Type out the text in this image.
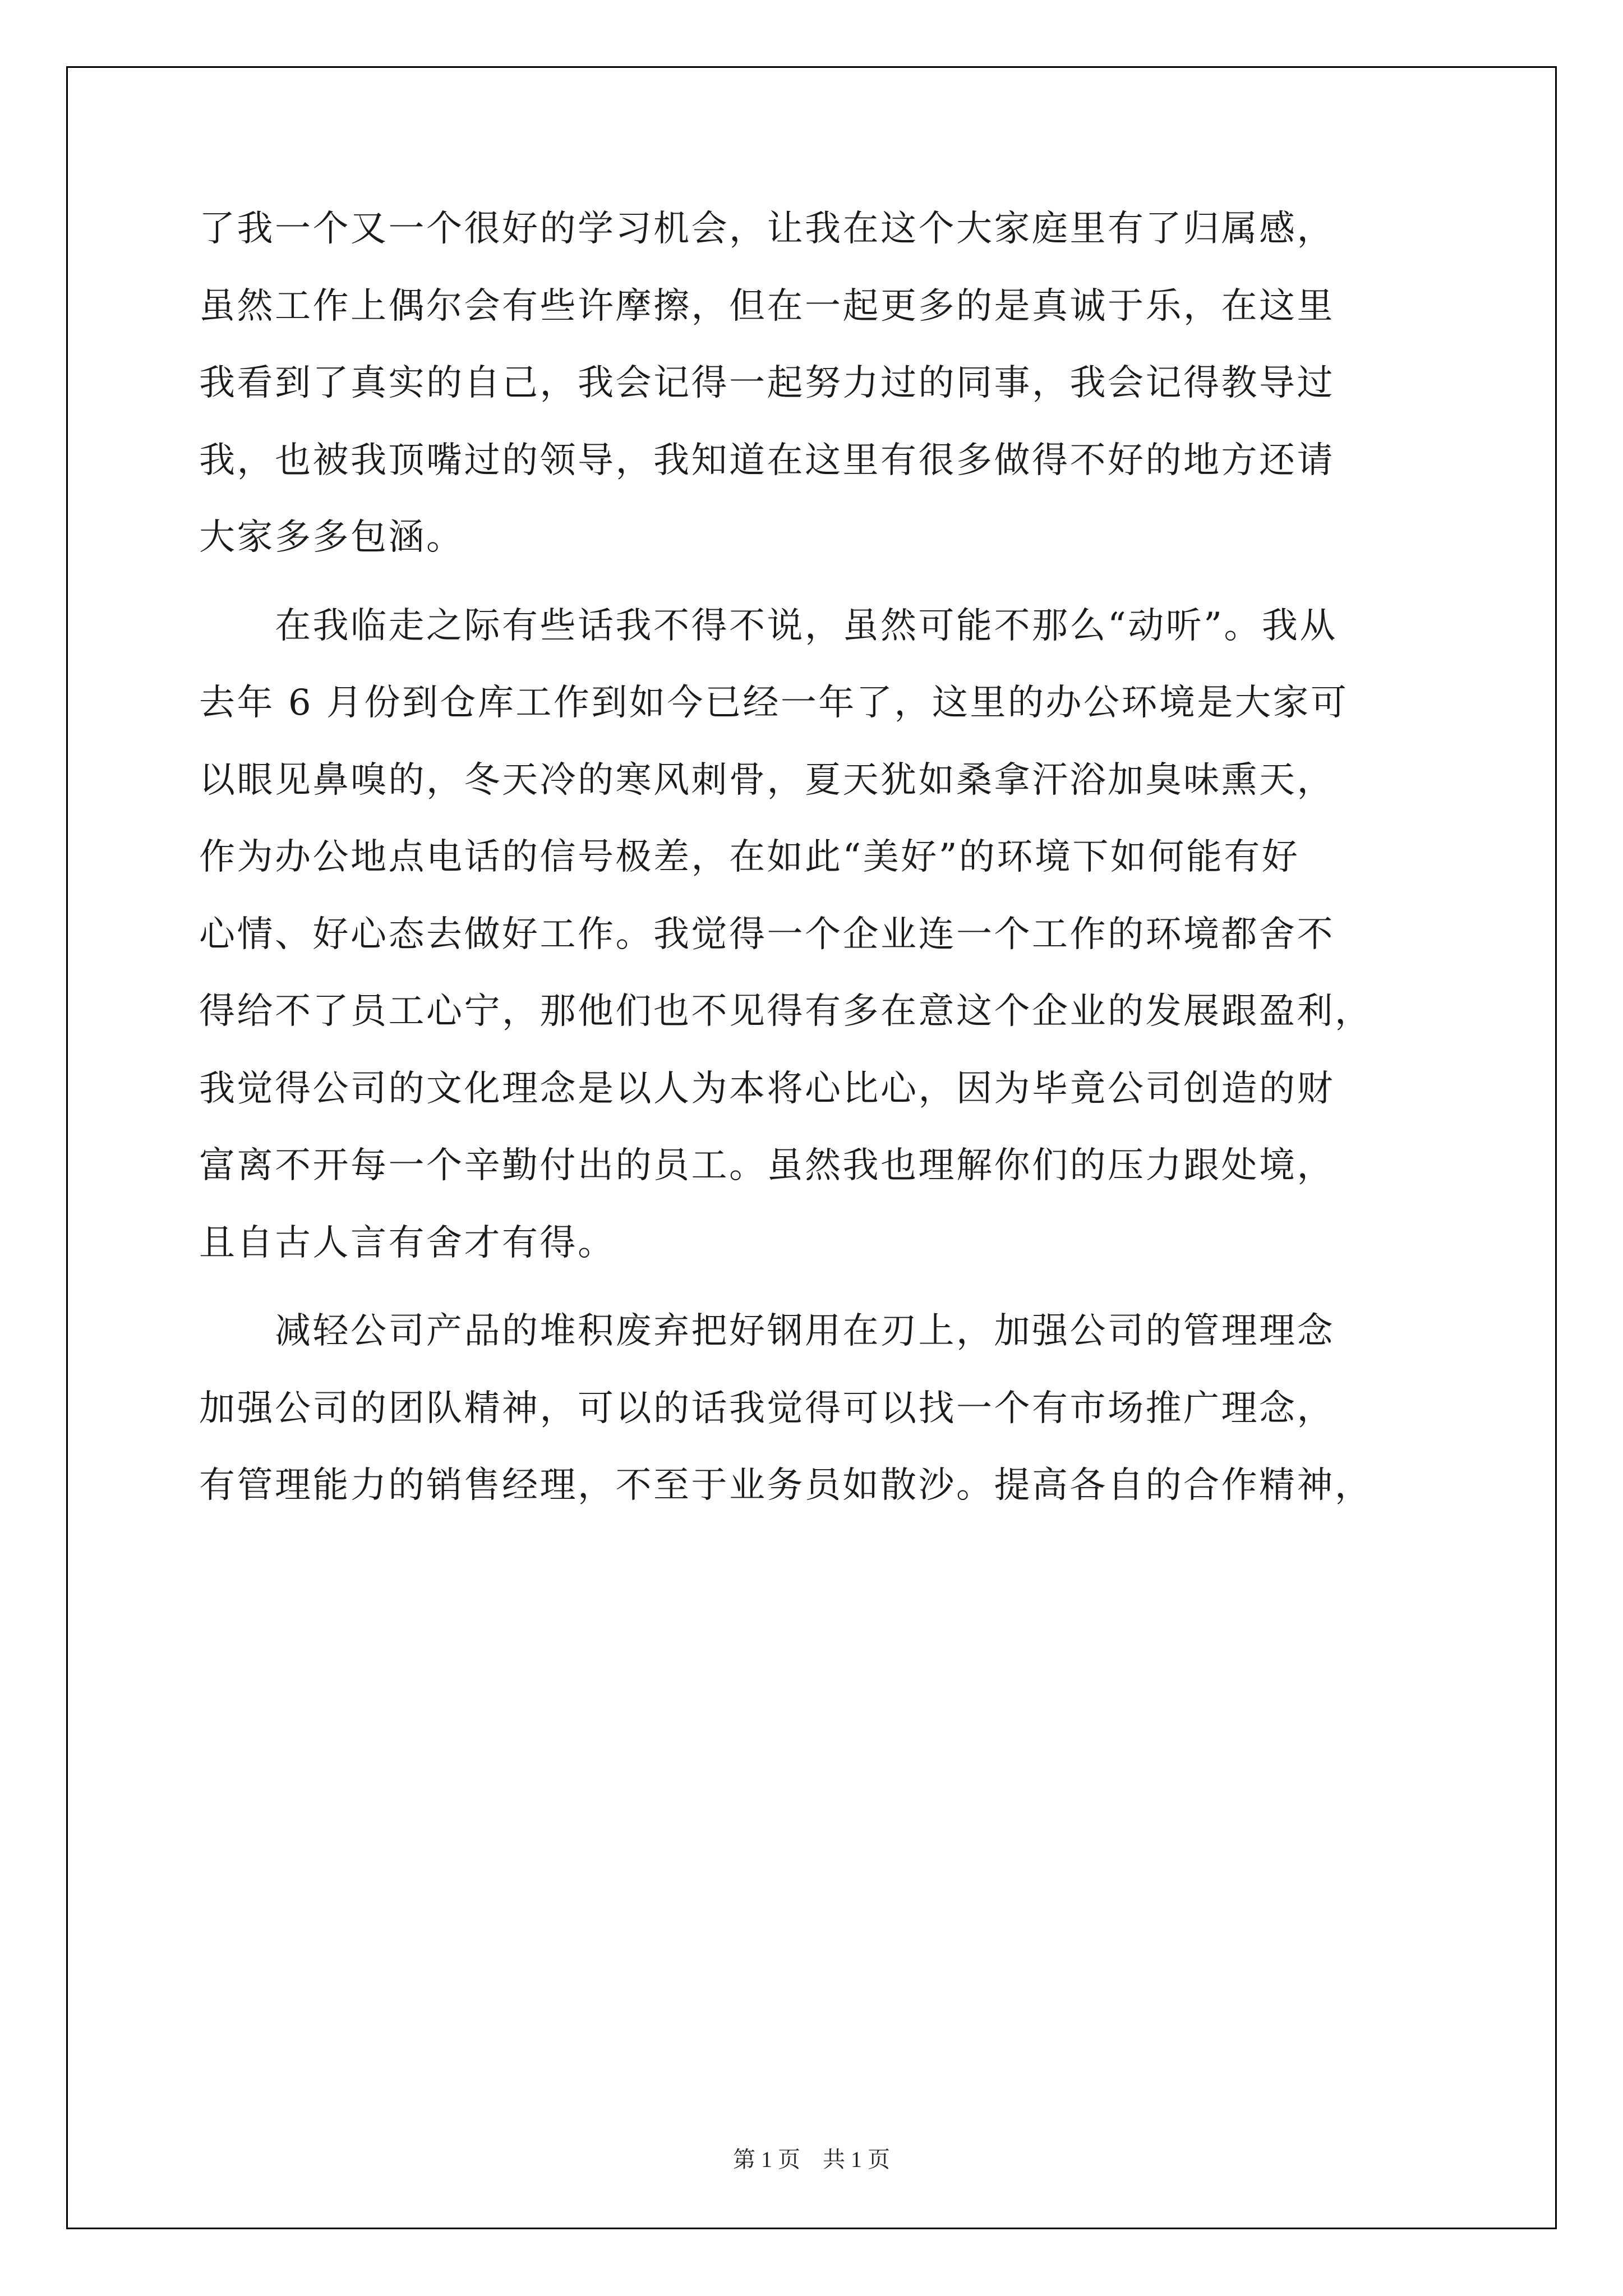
了我一个又一个很好的学习机会，让我在这个大家庭里有了归属感，
虽然工作上偶尔会有些许摩擦，但在一起更多的是真诚于乐，在这里
我看到了真实的自己，我会记得一起努力过的同事，我会记得教导过
我，也被我顶嘴过的领导，我知道在这里有很多做得不好的地方还请
大家多多包涵。
　　在我临走之际有些话我不得不说，虽然可能不那么“动听”。我从
去年 6 月份到仓库工作到如今已经一年了，这里的办公环境是大家可
以眼见鼻嗅的，冬天冷的寒风刺骨，夏天犹如桑拿汗浴加臭味熏天，
作为办公地点电话的信号极差，在如此“美好”的环境下如何能有好
心情、好心态去做好工作。我觉得一个企业连一个工作的环境都舍不
得给不了员工心宁，那他们也不见得有多在意这个企业的发展跟盈利，
我觉得公司的文化理念是以人为本将心比心，因为毕竟公司创造的财
富离不开每一个辛勤付出的员工。虽然我也理解你们的压力跟处境，
且自古人言有舍才有得。
　　减轻公司产品的堆积废弃把好钢用在刃上，加强公司的管理理念
加强公司的团队精神，可以的话我觉得可以找一个有市场推广理念，
有管理能力的销售经理，不至于业务员如散沙。提高各自的合作精神，
第 1 页　共 1 页
